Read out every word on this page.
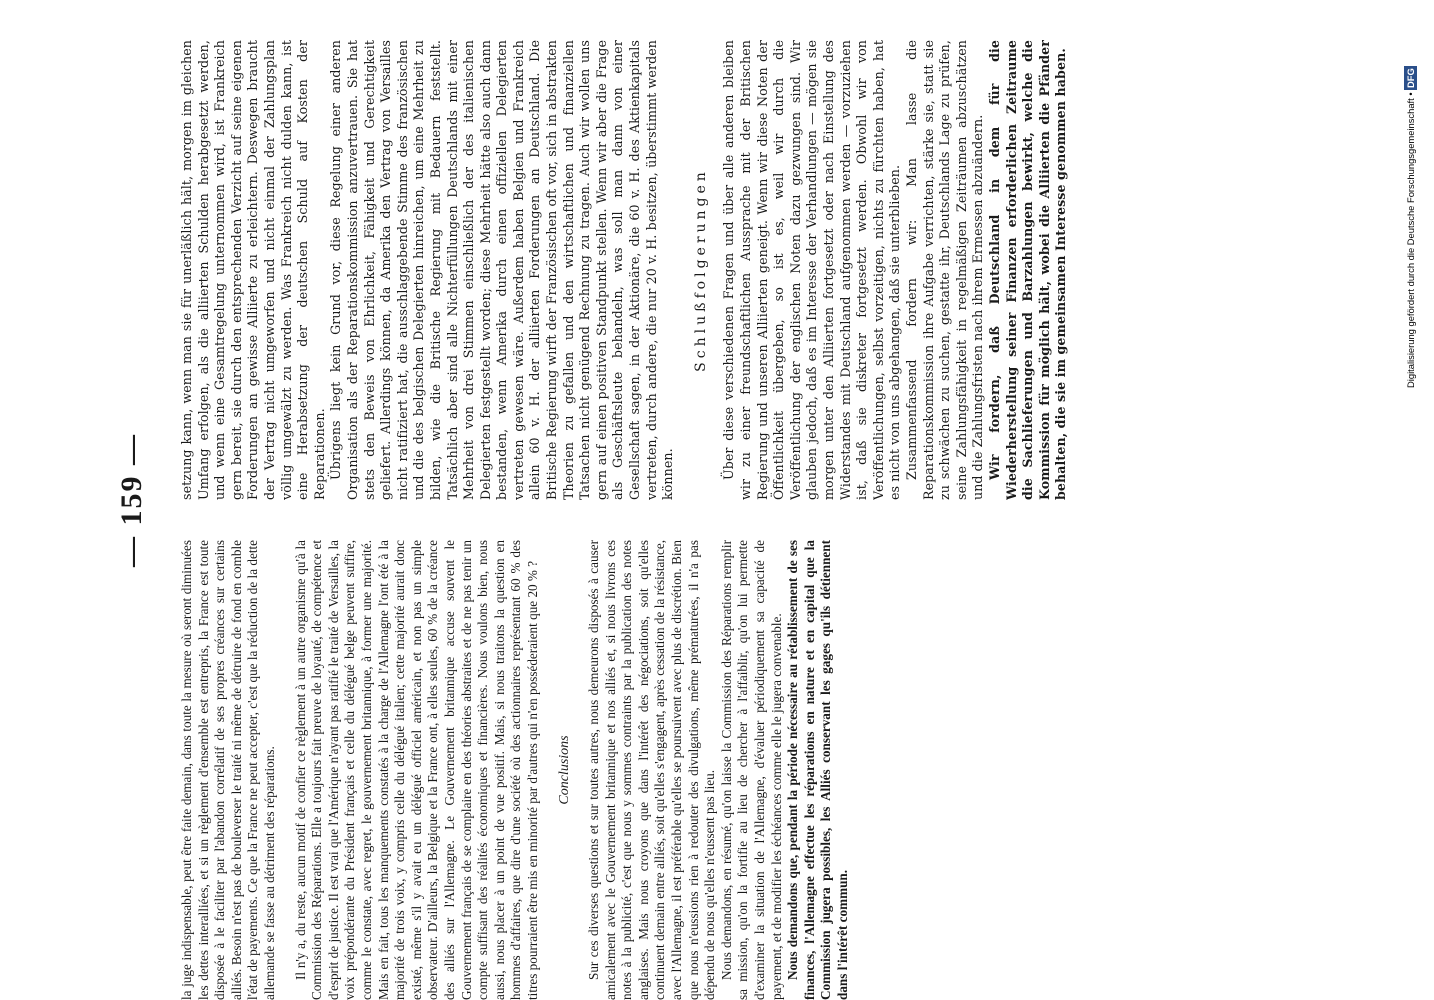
— 159 —

la juge indispensable, peut être faite demain, dans toute la mesure où seront diminuées les dettes interalliées, et si un règlement d'ensemble est entrepris, la France est toute disposée à le faciliter par l'abandon corrélatif de ses propres créances sur certains alliés. Besoin n'est pas de bouleverser le traité ni même de détruire de fond en comble l'état de payements. Ce que la France ne peut accepter, c'est que la réduction de la dette allemande se fasse au détriment des réparations. Il n'y a, du reste, aucun motif de confier ce règlement à un autre organisme qu'à la Commission des Réparations. Elle a toujours fait preuve de loyauté, de compétence et d'esprit de justice. Il est vrai que l'Amérique n'ayant pas ratifié le traité de Versailles, la voix prépondérante du Président français et celle du délégué belge peuvent suffire, comme le constate, avec regret, le gouvernement britannique, à former une majorité. Mais en fait, tous les manquements constatés à la charge de l'Allemagne l'ont été à la majorité de trois voix, y compris celle du délégué italien; cette majorité aurait donc existé, même s'il y avait eu un délégué officiel américain, et non pas un simple observateur. D'ailleurs, la Belgique et la France ont, à elles seules, 60 % de la créance des alliés sur l'Allemagne. Le Gouvernement britannique accuse souvent le Gouvernement français de se complaire en des théories abstraites et de ne pas tenir un compte suffisant des réalités économiques et financières. Nous voulons bien, nous aussi, nous placer à un point de vue positif. Mais, si nous traitons la question en hommes d'affaires, que dire d'une société où des actionnaires représentant 60 % des titres pourraient être mis en minorité par d'autres qui n'en posséderaient que 20 % ? Conclusions Sur ces diverses questions et sur toutes autres, nous demeurons disposés à causer amicalement avec le Gouvernement britannique et nos alliés et, si nous livrons ces notes à la publicité, c'est que nous y sommes contraints par la publication des notes anglaises. Mais nous croyons que dans l'intérêt des négociations, soit qu'elles continuent demain entre alliés, soit qu'elles s'engagent, après cessation de la résistance, avec l'Allemagne, il est préférable qu'elles se poursuivent avec plus de discrétion. Bien que nous n'eussions rien à redouter des divulgations, même prématurées, il n'a pas dépendu de nous qu'elles n'eussent pas lieu. Nous demandons, en résumé, qu'on laisse la Commission des Réparations remplir sa mission, qu'on la fortifie au lieu de chercher à l'affaiblir, qu'on lui permette d'examiner la situation de l'Allemagne, d'évaluer périodiquement sa capacité de payement, et de modifier les échéances comme elle le jugera convenable. Nous demandons que, pendant la période nécessaire au rétablissement de ses finances, l'Allemagne effectue les réparations en nature et en capital que la Commission jugera possibles, les Alliés conservant les gages qu'ils détiennent dans l'intérêt commun.

setzung kann, wenn man sie für unerläßlich hält, morgen im gleichen Umfang erfolgen, als die alliierten Schulden herabgesetzt werden, und wenn eine Gesamtregelung unternommen wird, ist Frankreich gern bereit, sie durch den entsprechenden Verzicht auf seine eigenen Forderungen an gewisse Alliierte zu erleichtern. Deswegen braucht der Vertrag nicht umgeworfen und nicht einmal der Zahlungsplan völlig umgewälzt zu werden. Was Frankreich nicht dulden kann, ist eine Herabsetzung der deutschen Schuld auf Kosten der Reparationen. Übrigens liegt kein Grund vor, diese Regelung einer anderen Organisation als der Reparationskommission anzuvertrauen. Sie hat stets den Beweis von Ehrlichkeit, Fähigkeit und Gerechtigkeit geliefert. Allerdings können, da Amerika den Vertrag von Versailles nicht ratifiziert hat, die ausschlaggebende Stimme des französischen und die des belgischen Delegierten hinreichen, um eine Mehrheit zu bilden, wie die Britische Regierung mit Bedauern feststellt. Tatsächlich aber sind alle Nichterfüllungen Deutschlands mit einer Mehrheit von drei Stimmen einschließlich der des italienischen Delegierten festgestellt worden; diese Mehrheit hätte also auch dann bestanden, wenn Amerika durch einen offiziellen Delegierten vertreten gewesen wäre. Außerdem haben Belgien und Frankreich allein 60 v. H. der alliierten Forderungen an Deutschland. Die Britische Regierung wirft der Französischen oft vor, sich in abstrakten Theorien zu gefallen und den wirtschaftlichen und finanziellen Tatsachen nicht genügend Rechnung zu tragen. Auch wir wollen uns gern auf einen positiven Standpunkt stellen. Wenn wir aber die Frage als Geschäftsleute behandeln, was soll man dann von einer Gesellschaft sagen, in der Aktionäre, die 60 v. H. des Aktienkapitals vertreten, durch andere, die nur 20 v. H. besitzen, überstimmt werden können.

Schlußfolgerungen Über diese verschiedenen Fragen und über alle anderen bleiben wir zu einer freundschaftlichen Aussprache mit der Britischen Regierung und unseren Alliierten geneigt. Wenn wir diese Noten der Öffentlichkeit übergeben, so ist es, weil wir durch die Veröffentlichung der englischen Noten dazu gezwungen sind. Wir glauben jedoch, daß es im Interesse der Verhandlungen — mögen sie morgen unter den Alliierten fortgesetzt oder nach Einstellung des Widerstandes mit Deutschland aufgenommen werden — vorzuziehen ist, daß sie diskreter fortgesetzt werden. Obwohl wir von Veröffentlichungen, selbst vorzeitigen, nichts zu fürchten haben, hat es nicht von uns abgehangen, daß sie unterblieben. Zusammenfassend fordern wir: Man lasse die Reparationskommission ihre Aufgabe verrichten, stärke sie, statt sie zu schwächen zu suchen, gestatte ihr, Deutschlands Lage zu prüfen, seine Zahlungsfähigkeit in regelmäßigen Zeiträumen abzuschätzen und die Zahlungsfristen nach ihrem Ermessen abzuändern. Wir fordern, daß Deutschland in dem für die Wiederherstellung seiner Finanzen erforderlichen Zeitraume die Sachlieferungen und Barzahlungen bewirkt, welche die Kommission für möglich hält, wobei die Alliierten die Pfänder behalten, die sie im gemeinsamen Interesse genommen haben.	Digitalisierung gefördert durch die Deutsche Forschungsgemeinschaft • DFG
